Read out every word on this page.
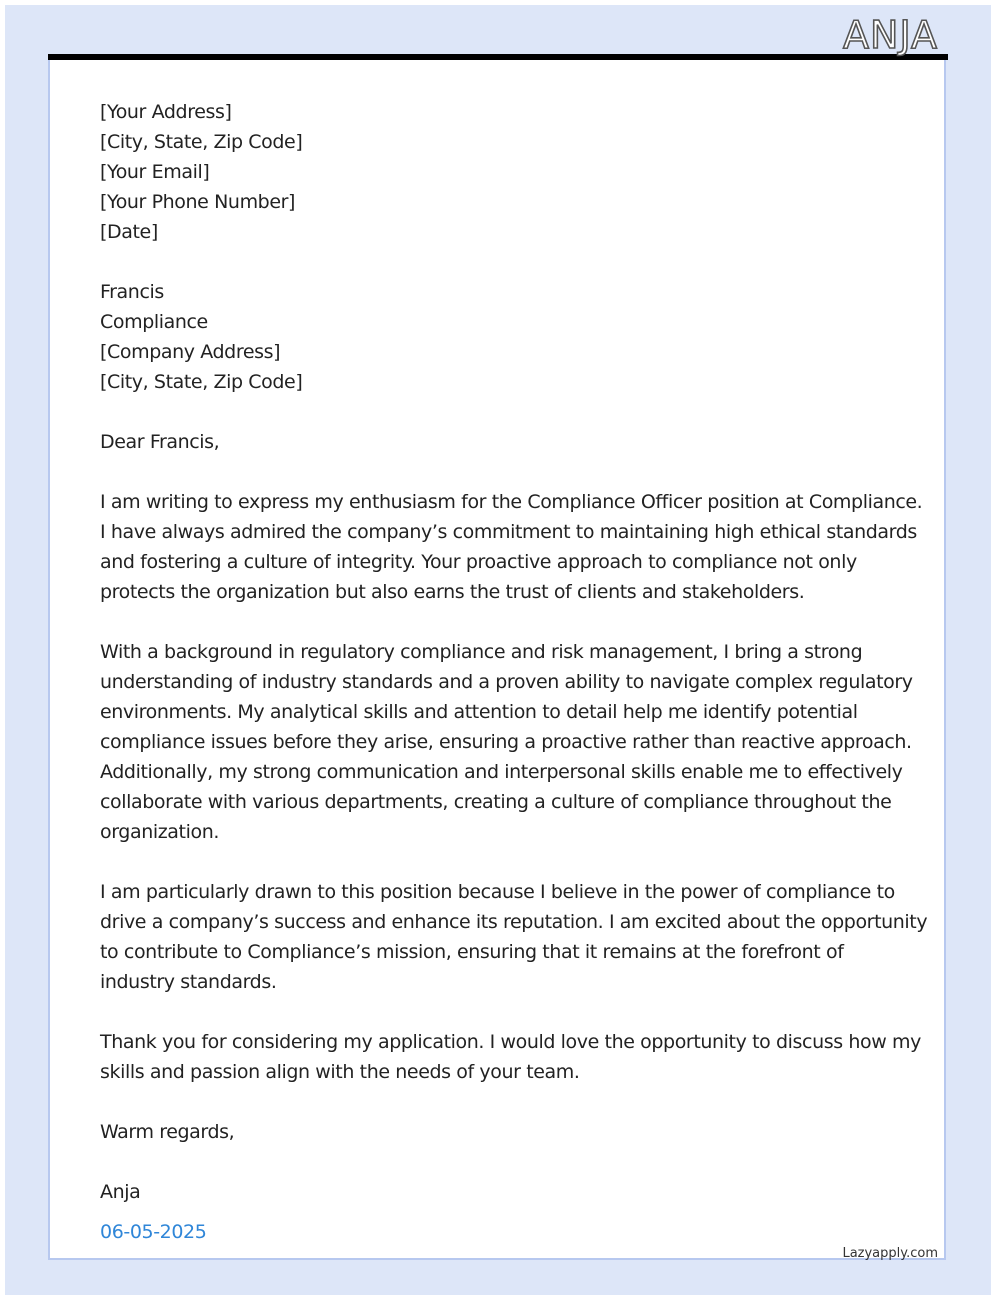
ANJA
[Your Address]
[City, State, Zip Code]
[Your Email]
[Your Phone Number]
[Date]
Francis
Compliance
[Company Address]
[City, State, Zip Code]
Dear Francis,
I am writing to express my enthusiasm for the Compliance Officer position at Compliance.
I have always admired the company’s commitment to maintaining high ethical standards
and fostering a culture of integrity. Your proactive approach to compliance not only
protects the organization but also earns the trust of clients and stakeholders.
With a background in regulatory compliance and risk management, I bring a strong
understanding of industry standards and a proven ability to navigate complex regulatory
environments. My analytical skills and attention to detail help me identify potential
compliance issues before they arise, ensuring a proactive rather than reactive approach.
Additionally, my strong communication and interpersonal skills enable me to effectively
collaborate with various departments, creating a culture of compliance throughout the
organization.
I am particularly drawn to this position because I believe in the power of compliance to
drive a company’s success and enhance its reputation. I am excited about the opportunity
to contribute to Compliance’s mission, ensuring that it remains at the forefront of
industry standards.
Thank you for considering my application. I would love the opportunity to discuss how my
skills and passion align with the needs of your team.
Warm regards,
Anja
06-05-2025
Lazyapply.com
